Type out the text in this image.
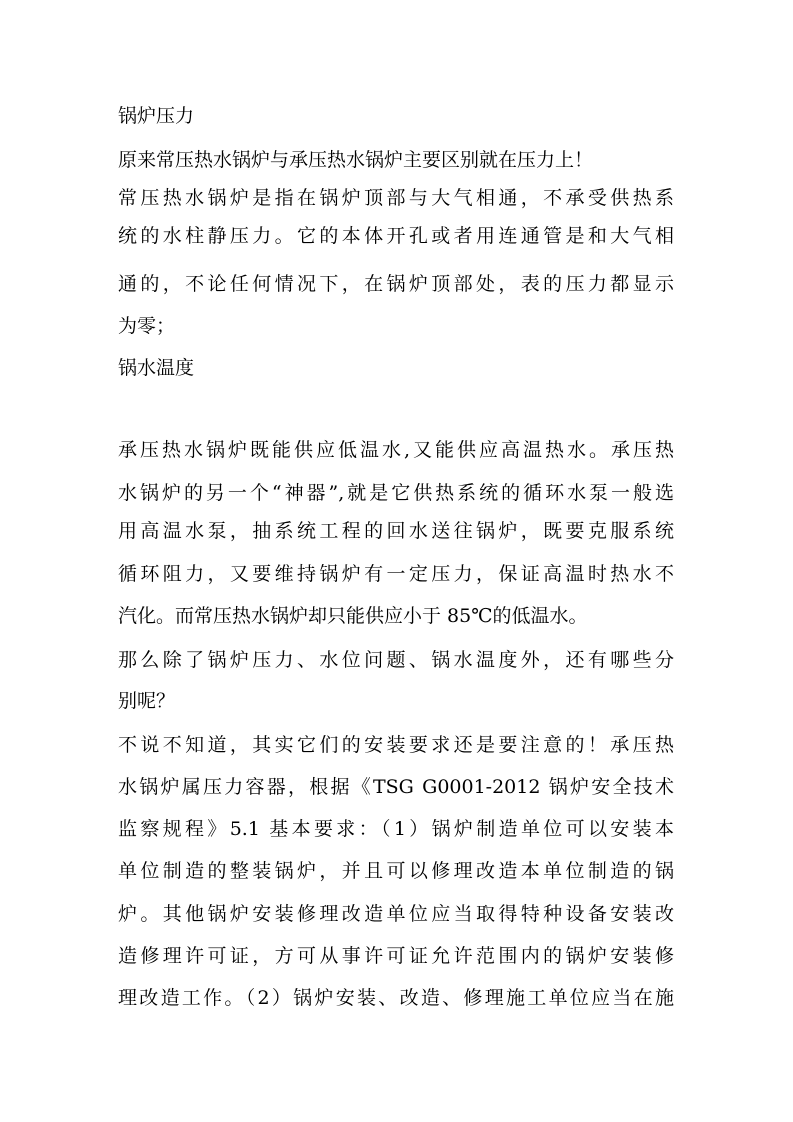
锅炉压力
原来常压热水锅炉与承压热水锅炉主要区别就在压力上！
常压热水锅炉是指在锅炉顶部与大气相通，不承受供热系
统的水柱静压力。它的本体开孔或者用连通管是和大气相
通的，不论任何情况下，在锅炉顶部处，表的压力都显示
为零；
锅水温度
承压热水锅炉既能供应低温水,又能供应高温热水。承压热
水锅炉的另一个“神器”,就是它供热系统的循环水泵一般选
用高温水泵，抽系统工程的回水送往锅炉，既要克服系统
循环阻力，又要维持锅炉有一定压力，保证高温时热水不
汽化。而常压热水锅炉却只能供应小于 85℃的低温水。
那么除了锅炉压力、水位问题、锅水温度外，还有哪些分
别呢？
不说不知道，其实它们的安装要求还是要注意的！承压热
水锅炉属压力容器，根据《TSG G0001-2012 锅炉安全技术
监察规程》5.1 基本要求：（1）锅炉制造单位可以安装本
单位制造的整装锅炉，并且可以修理改造本单位制造的锅
炉。其他锅炉安装修理改造单位应当取得特种设备安装改
造修理许可证，方可从事许可证允许范围内的锅炉安装修
理改造工作。（2）锅炉安装、改造、修理施工单位应当在施
